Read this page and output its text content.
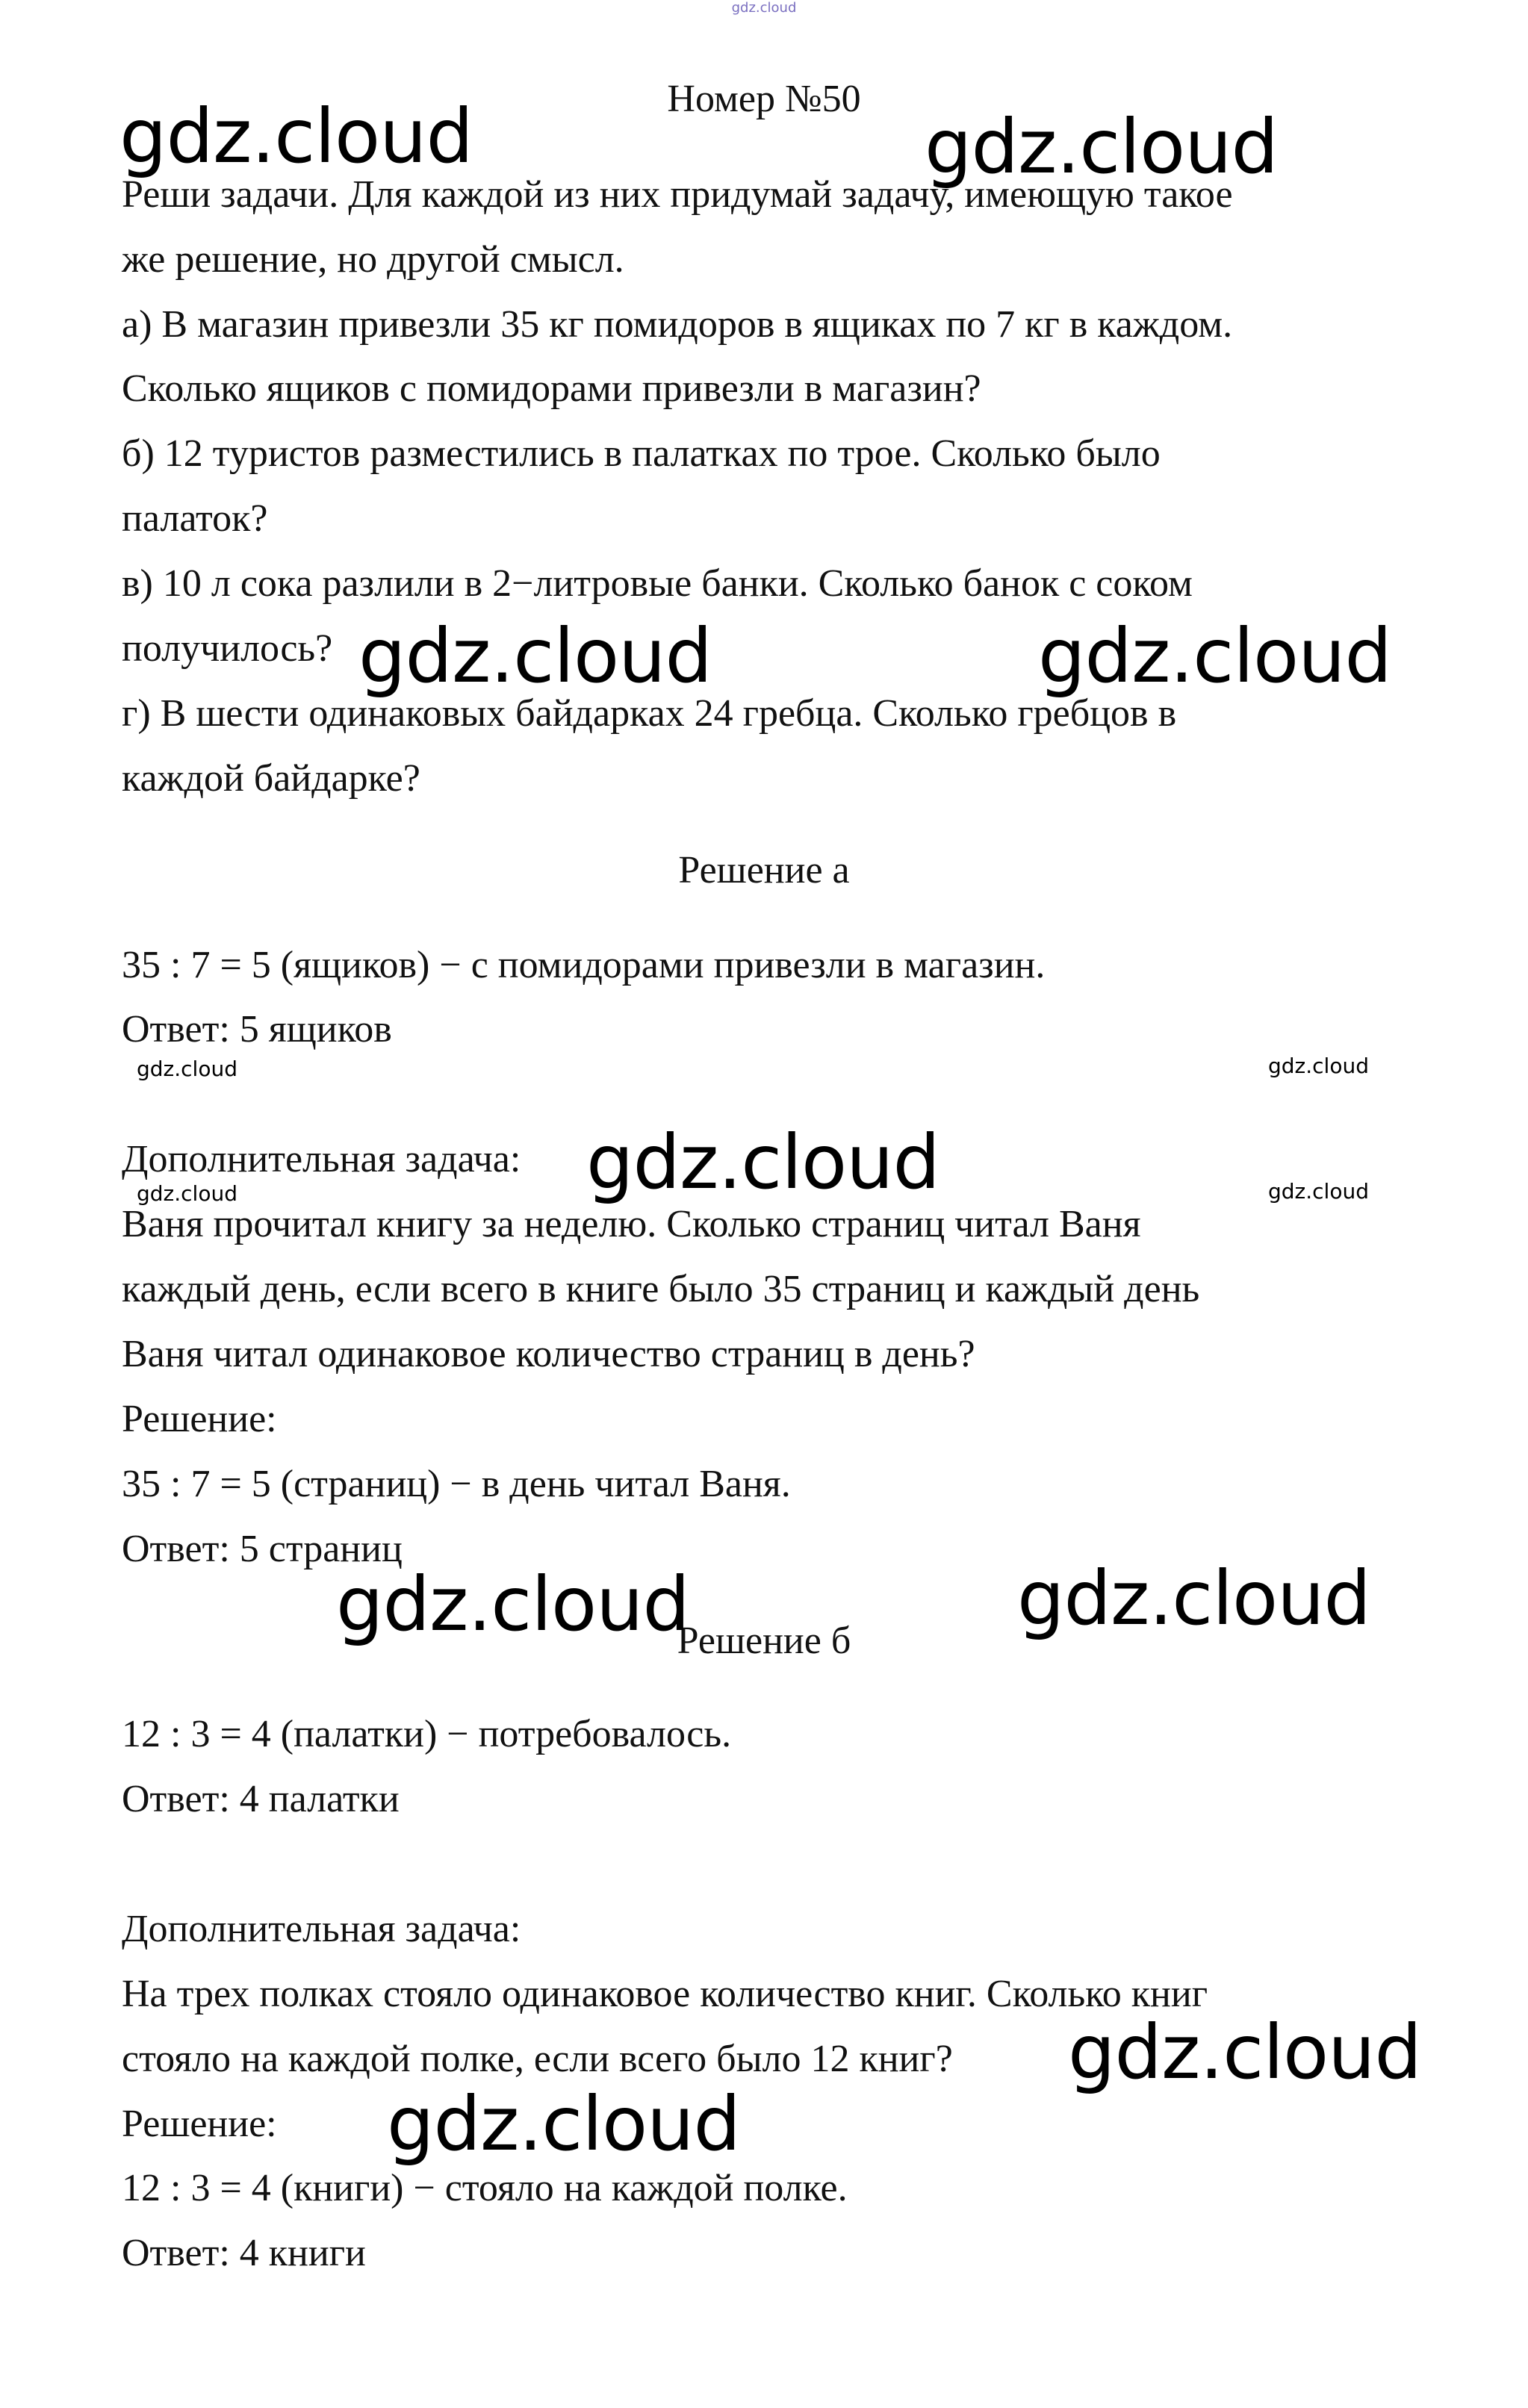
gdz.cloud
Номер №50
Реши задачи. Для каждой из них придумай задачу, имеющую такое
же решение, но другой смысл.
а) В магазин привезли 35 кг помидоров в ящиках по 7 кг в каждом.
Сколько ящиков с помидорами привезли в магазин?
б) 12 туристов разместились в палатках по трое. Сколько было
палаток?
в) 10 л сока разлили в 2−литровые банки. Сколько банок с соком
получилось?
г) В шести одинаковых байдарках 24 гребца. Сколько гребцов в
каждой байдарке?
Решение а
35 : 7 = 5 (ящиков) − с помидорами привезли в магазин.
Ответ: 5 ящиков
Дополнительная задача:
Ваня прочитал книгу за неделю. Сколько страниц читал Ваня
каждый день, если всего в книге было 35 страниц и каждый день
Ваня читал одинаковое количество страниц в день?
Решение:
35 : 7 = 5 (страниц) − в день читал Ваня.
Ответ: 5 страниц
Решение б
12 : 3 = 4 (палатки) − потребовалось.
Ответ: 4 палатки
Дополнительная задача:
На трех полках стояло одинаковое количество книг. Сколько книг
стояло на каждой полке, если всего было 12 книг?
Решение:
12 : 3 = 4 (книги) − стояло на каждой полке.
Ответ: 4 книги
gdz.cloud	gdz.cloud
gdz.cloud	gdz.cloud
gdz.cloud
gdz.cloud	gdz.cloud
gdz.cloud
gdz.cloud
gdz.cloud	gdz.cloud
gdz.cloud	gdz.cloud
